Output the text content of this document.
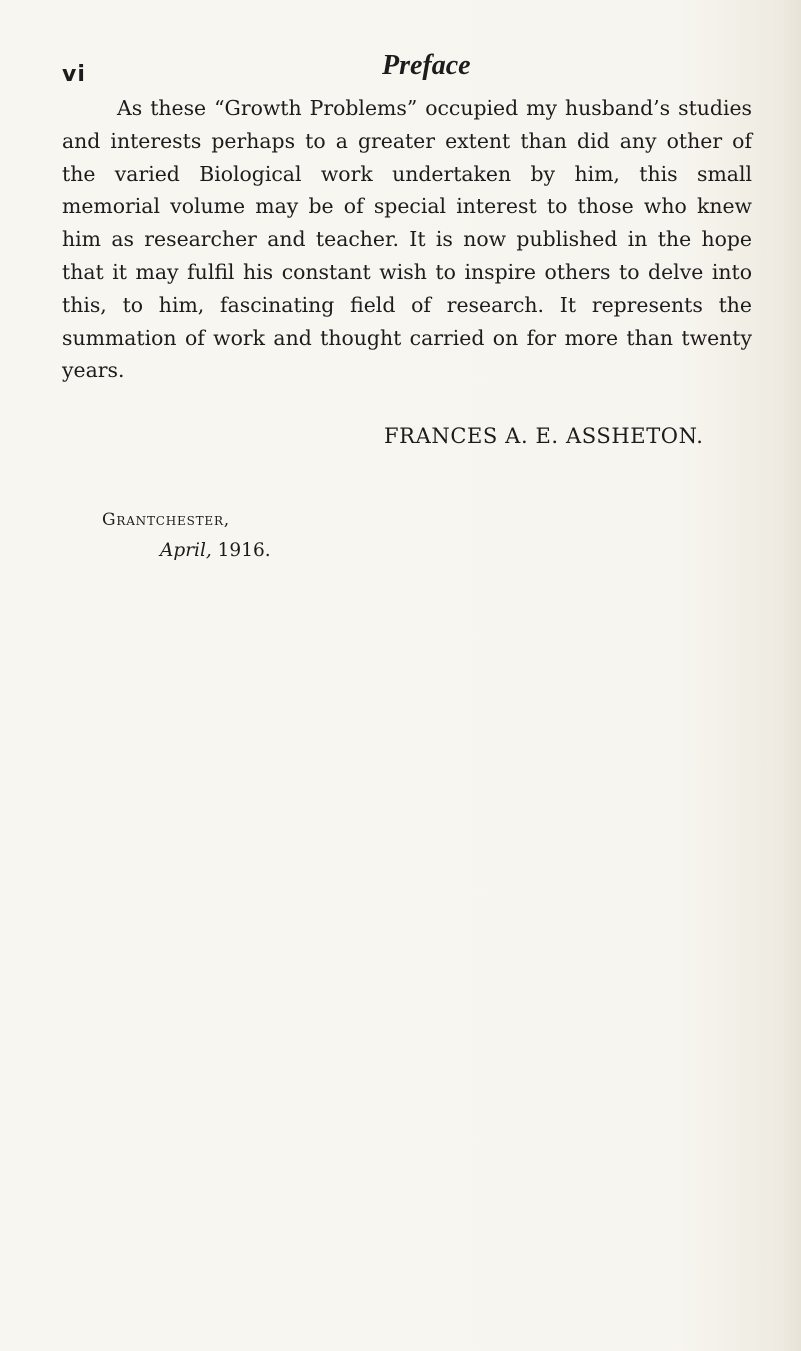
vi	Preface

As these “Growth Problems” occupied my husband’s studies and interests perhaps to a greater extent than did any other of the varied Biological work undertaken by him, this small memorial volume may be of special interest to those who knew him as researcher and teacher. It is now published in the hope that it may fulfil his constant wish to inspire others to delve into this, to him, fascinating field of research. It represents the summation of work and thought carried on for more than twenty years.

FRANCES A. E. ASSHETON.

Grantchester,

April, 1916.
